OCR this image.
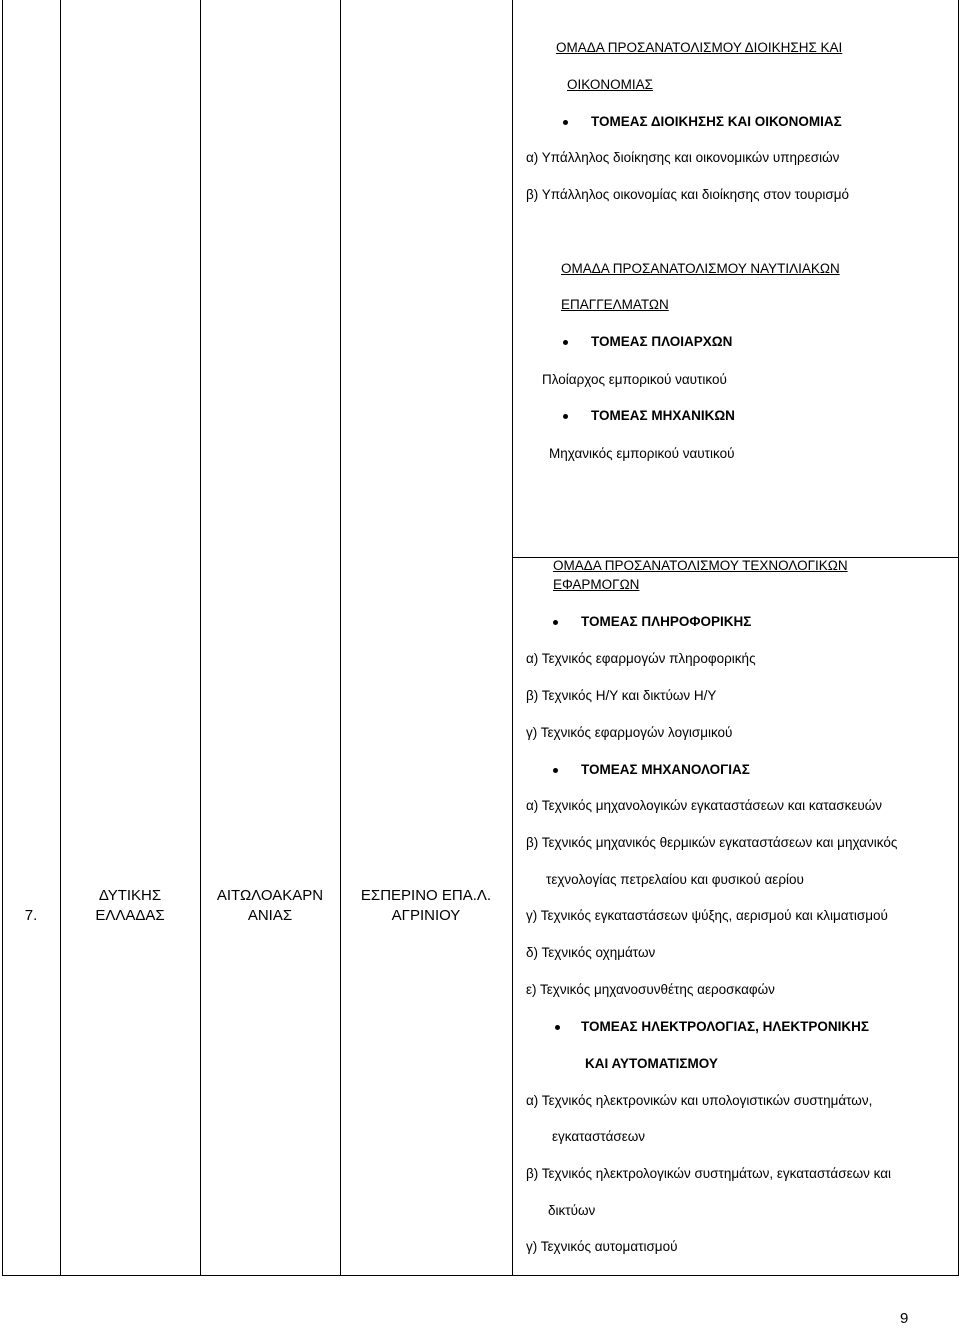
7.
ΔΥΤΙΚΗΣ
ΕΛΛΑΔΑΣ
ΑΙΤΩΛΟΑΚΑΡΝ
ΑΝΙΑΣ
ΕΣΠΕΡΙΝΟ ΕΠΑ.Λ.
ΑΓΡΙΝΙΟΥ
ΟΜΑΔΑ ΠΡΟΣΑΝΑΤΟΛΙΣΜΟΥ ΔΙΟΙΚΗΣΗΣ ΚΑΙ
ΟΙΚΟΝΟΜΙΑΣ
ΤΟΜΕΑΣ ΔΙΟΙΚΗΣΗΣ ΚΑΙ ΟΙΚΟΝΟΜΙΑΣ
α) Υπάλληλος διοίκησης και οικονομικών υπηρεσιών
β) Υπάλληλος οικονομίας και διοίκησης στον τουρισμό
ΟΜΑΔΑ ΠΡΟΣΑΝΑΤΟΛΙΣΜΟΥ ΝΑΥΤΙΛΙΑΚΩΝ
ΕΠΑΓΓΕΛΜΑΤΩΝ
ΤΟΜΕΑΣ ΠΛΟΙΑΡΧΩΝ
Πλοίαρχος εμπορικού ναυτικού
ΤΟΜΕΑΣ ΜΗΧΑΝΙΚΩΝ
Μηχανικός εμπορικού ναυτικού
ΟΜΑΔΑ ΠΡΟΣΑΝΑΤΟΛΙΣΜΟΥ ΤΕΧΝΟΛΟΓΙΚΩΝ
ΕΦΑΡΜΟΓΩΝ
ΤΟΜΕΑΣ ΠΛΗΡΟΦΟΡΙΚΗΣ
α) Τεχνικός εφαρμογών πληροφορικής
β) Τεχνικός Η/Υ και δικτύων Η/Υ
γ) Τεχνικός εφαρμογών λογισμικού
ΤΟΜΕΑΣ ΜΗΧΑΝΟΛΟΓΙΑΣ
α) Τεχνικός μηχανολογικών εγκαταστάσεων και κατασκευών
β) Τεχνικός μηχανικός θερμικών εγκαταστάσεων και μηχανικός
τεχνολογίας πετρελαίου και φυσικού αερίου
γ) Τεχνικός εγκαταστάσεων ψύξης, αερισμού και κλιματισμού
δ) Τεχνικός οχημάτων
ε) Τεχνικός μηχανοσυνθέτης αεροσκαφών
ΤΟΜΕΑΣ ΗΛΕΚΤΡΟΛΟΓΙΑΣ, ΗΛΕΚΤΡΟΝΙΚΗΣ
ΚΑΙ ΑΥΤΟΜΑΤΙΣΜΟΥ
α) Τεχνικός ηλεκτρονικών και υπολογιστικών συστημάτων,
εγκαταστάσεων
β) Τεχνικός ηλεκτρολογικών συστημάτων, εγκαταστάσεων και
δικτύων
γ) Τεχνικός αυτοματισμού
9
